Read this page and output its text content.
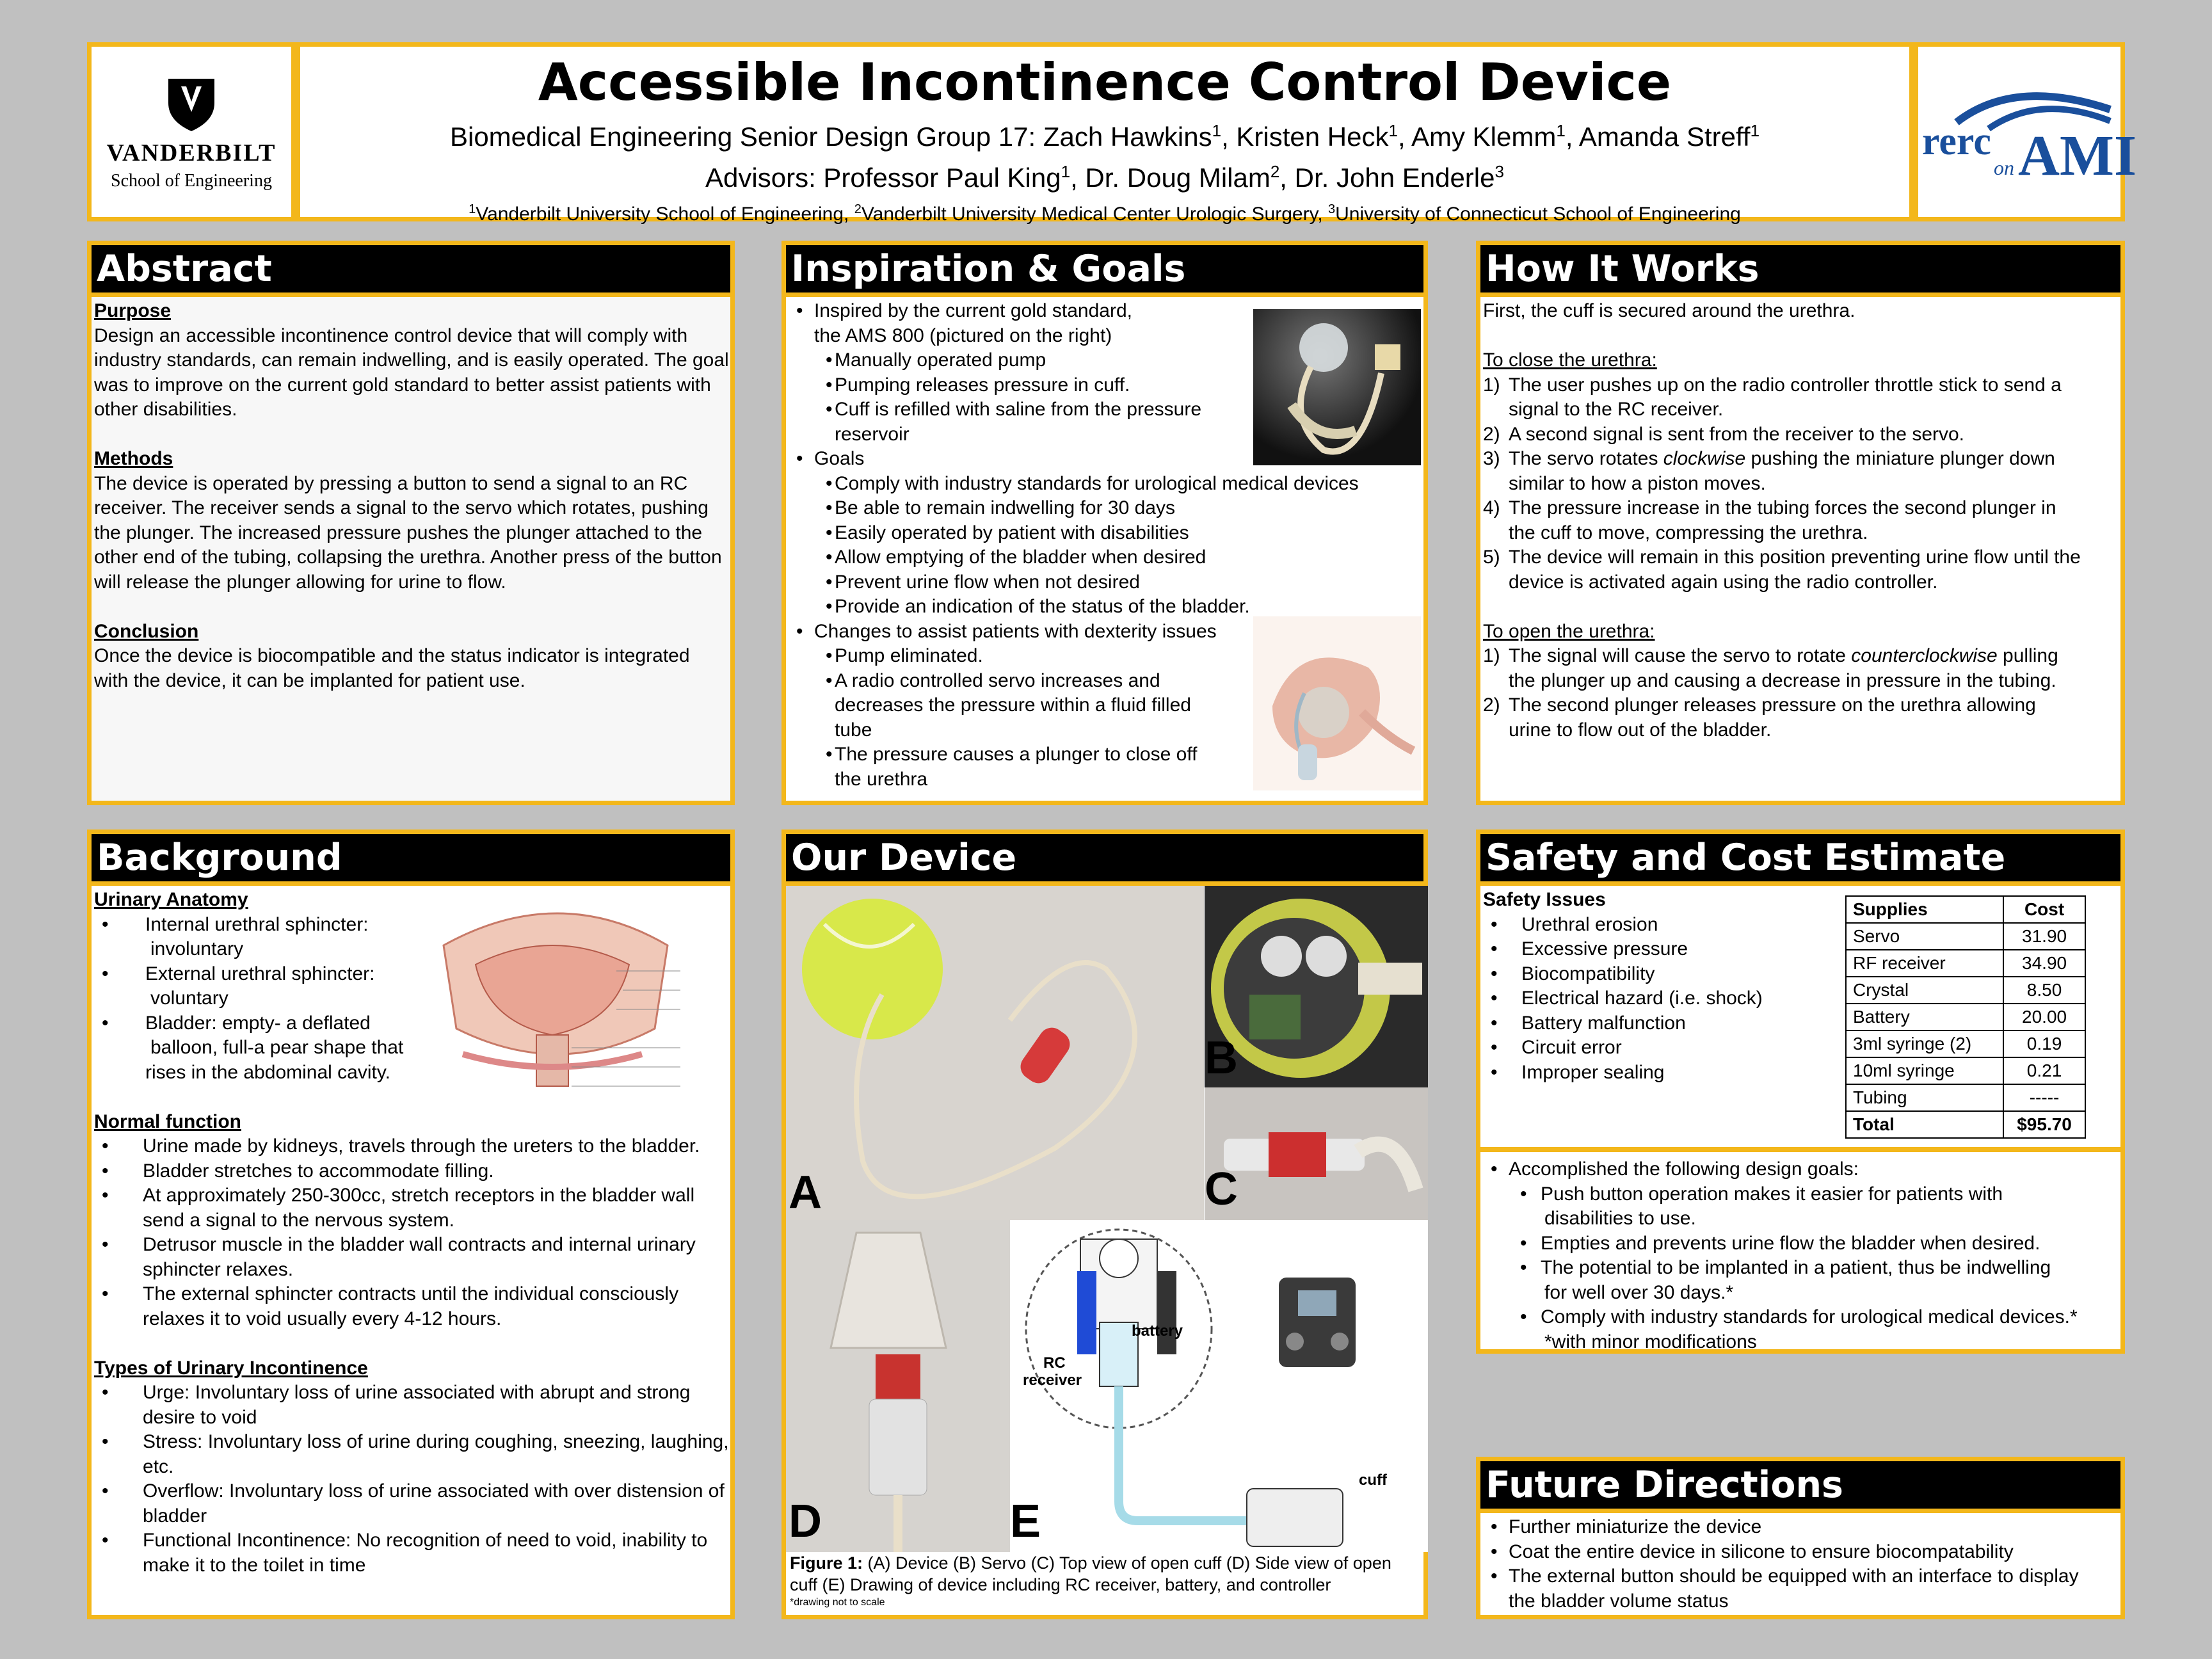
VANDERBILT
School of Engineering
Accessible Incontinence Control Device
Biomedical Engineering Senior Design Group 17: Zach Hawkins$^1$, Kristen Heck$^1$, Amy Klemm$^1$, Amanda Streff$^1$
Advisors: Professor Paul King$^1$, Dr. Doug Milam$^2$, Dr. John Enderle$^3$
$^1$Vanderbilt University School of Engineering, $^2$Vanderbilt University Medical Center Urologic Surgery, $^3$University of Connecticut School of Engineering
rerc
on AMI
Abstract

Purpose

Design an accessible incontinence control device that will comply with industry standards, can remain indwelling, and is easily operated. The goal was to improve on the current gold standard to better assist patients with other disabilities.

Methods

The device is operated by pressing a button to send a signal to an RC receiver. The receiver sends a signal to the servo which rotates, pushing the plunger. The increased pressure pushes the plunger attached to the other end of the tubing, collapsing the urethra. Another press of the button will release the plunger allowing for urine to flow.

Conclusion

Once the device is biocompatible and the status indicator is integrated with the device, it can be implanted for patient use.

Inspiration & Goals
• Inspired by the current gold standard,
the AMS 800 (pictured on the right)
• Manually operated pump
• Pumping releases pressure in cuff.
• Cuff is refilled with saline from the pressure
reservoir
• Goals
• Comply with industry standards for urological medical devices
• Be able to remain indwelling for 30 days
• Easily operated by patient with disabilities
• Allow emptying of the bladder when desired
• Prevent urine flow when not desired
• Provide an indication of the status of the bladder.
• Changes to assist patients with dexterity issues
• Pump eliminated.
• A radio controlled servo increases and
decreases the pressure within a fluid filled
tube
• The pressure causes a plunger to close off
the urethra
How It Works

First, the cuff is secured around the urethra.

To close the urethra:

1) The user pushes up on the radio controller throttle stick to send a
signal to the RC receiver.
2) A second signal is sent from the receiver to the servo.
3) The servo rotates clockwise pushing the miniature plunger down
similar to how a piston moves.
4) The pressure increase in the tubing forces the second plunger in
the cuff to move, compressing the urethra.
5) The device will remain in this position preventing urine flow until the
device is activated again using the radio controller.

To open the urethra:

1) The signal will cause the servo to rotate counterclockwise pulling
the plunger up and causing a decrease in pressure in the tubing.
2) The second plunger releases pressure on the urethra allowing
urine to flow out of the bladder.
Background

Urinary Anatomy

• Internal urethral sphincter:
involuntary
• External urethral sphincter:
voluntary
• Bladder: empty- a deflated
balloon, full-a pear shape that
rises in the abdominal cavity.

Normal function

• Urine made by kidneys, travels through the ureters to the bladder.
• Bladder stretches to accommodate filling.
• At approximately 250-300cc, stretch receptors in the bladder wall send a signal to the nervous system.
• Detrusor muscle in the bladder wall contracts and internal urinary sphincter relaxes.
• The external sphincter contracts until the individual consciously relaxes it to void usually every 4-12 hours.

Types of Urinary Incontinence

• Urge: Involuntary loss of urine associated with abrupt and strong desire to void
• Stress: Involuntary loss of urine during coughing, sneezing, laughing, etc.
• Overflow: Involuntary loss of urine associated with over distension of bladder
• Functional Incontinence: No recognition of need to void, inability to make it to the toilet in time
Our Device
A
B
C
D
battery
RC
receiver
cuff
E
Figure 1: (A) Device (B) Servo (C) Top view of open cuff (D) Side view of open cuff (E) Drawing of device including RC receiver, battery, and controller
*drawing not to scale
Safety and Cost Estimate

Safety Issues

• Urethral erosion
• Excessive pressure
• Biocompatibility
• Electrical hazard (i.e. shock)
• Battery malfunction
• Circuit error
• Improper sealing
Supplies	Cost
Servo	31.90
RF receiver	34.90
Crystal	8.50
Battery	20.00
3ml syringe (2)	0.19
10ml syringe	0.21
Tubing	-----
Total	$95.70
• Accomplished the following design goals:
• Push button operation makes it easier for patients with
disabilities to use.
• Empties and prevents urine flow the bladder when desired.
• The potential to be implanted in a patient, thus be indwelling
for well over 30 days.*
• Comply with industry standards for urological medical devices.*
*with minor modifications
Future Directions
• Further miniaturize the device
• Coat the entire device in silicone to ensure biocompatability
• The external button should be equipped with an interface to display
the bladder volume status
